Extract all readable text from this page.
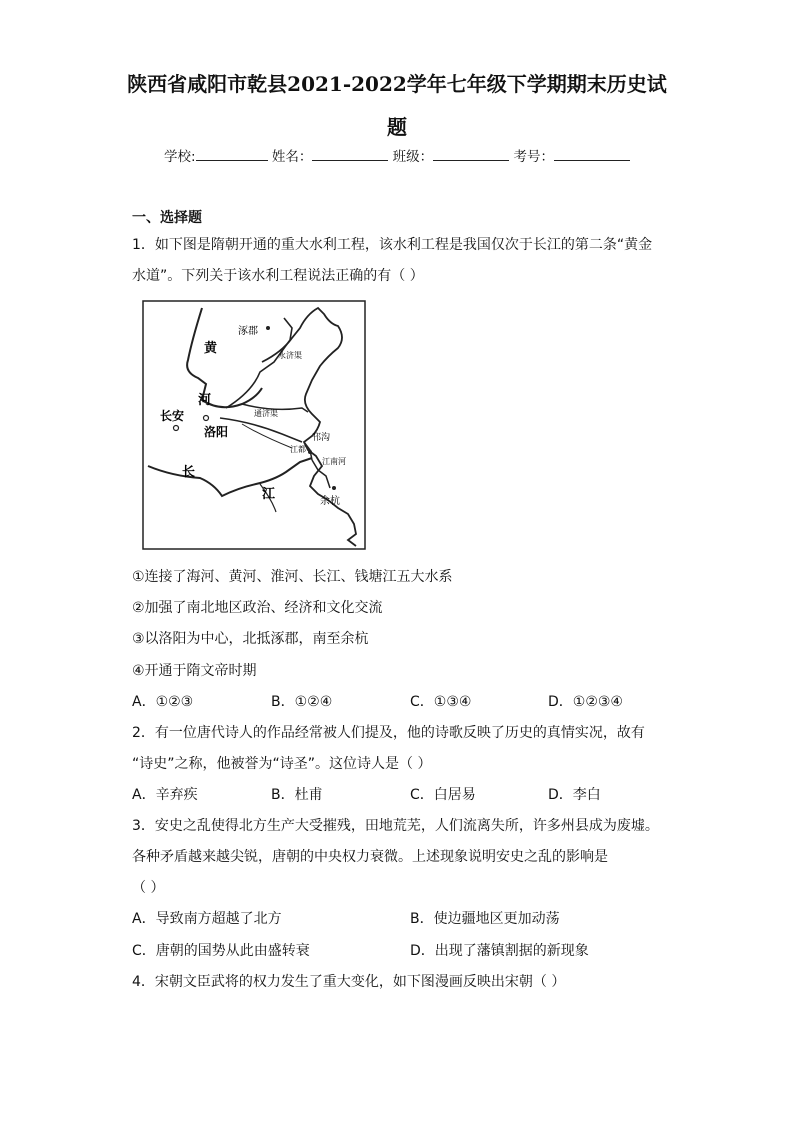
陕西省咸阳市乾县2021-2022学年七年级下学期期末历史试
题
学校:	姓名：	班级：	考号：
一、选择题
1．如下图是隋朝开通的重大水利工程，该水利工程是我国仅次于长江的第二条“黄金
水道”。下列关于该水利工程说法正确的有（ ）
涿郡
永济渠
黄
河
长安
洛阳
通济渠
邗沟
江都
江南河
余杭
长
江
①连接了海河、黄河、淮河、长江、钱塘江五大水系
②加强了南北地区政治、经济和文化交流
③以洛阳为中心，北抵涿郡，南至余杭
④开通于隋文帝时期
A．①②③	B．①②④	C．①③④	D．①②③④
2．有一位唐代诗人的作品经常被人们提及，他的诗歌反映了历史的真情实况，故有
“诗史”之称，他被誉为“诗圣”。这位诗人是（ ）
A．辛弃疾	B．杜甫	C．白居易	D．李白
3．安史之乱使得北方生产大受摧残，田地荒芜，人们流离失所，许多州县成为废墟。
各种矛盾越来越尖锐，唐朝的中央权力衰微。上述现象说明安史之乱的影响是
（ ）
A．导致南方超越了北方	B．使边疆地区更加动荡
C．唐朝的国势从此由盛转衰	D．出现了藩镇割据的新现象
4．宋朝文臣武将的权力发生了重大变化，如下图漫画反映出宋朝（ ）
